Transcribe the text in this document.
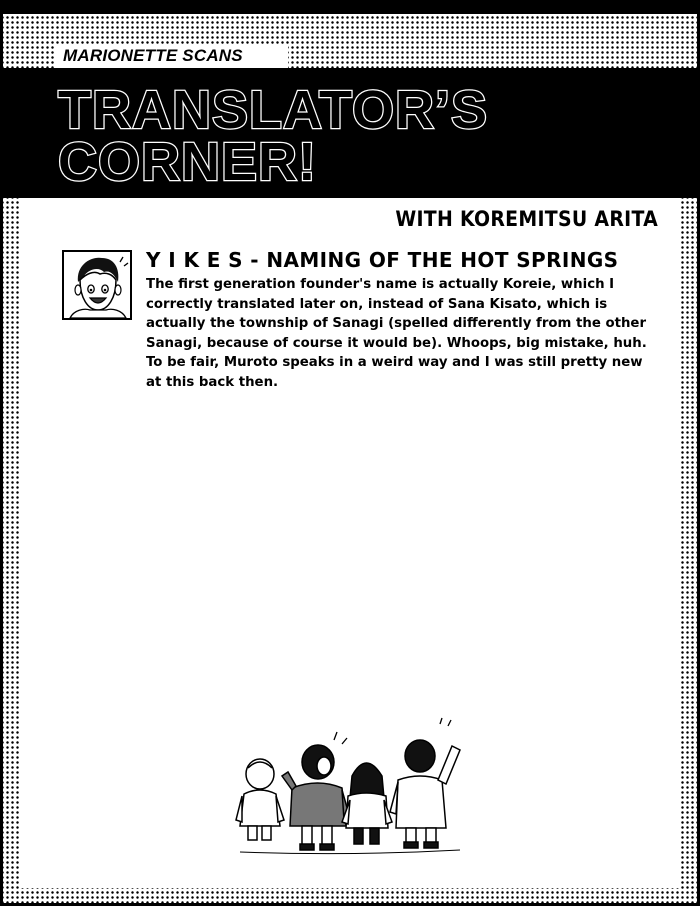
MARIONETTE SCANS
TRANSLATOR’S
CORNER!
WITH KOREMITSU ARITA
Y I K E S - NAMING OF THE HOT SPRINGS
The first generation founder's name is actually Koreie, which I correctly translated later on, instead of Sana Kisato, which is actually the township of Sanagi (spelled differently from the other Sanagi, because of course it would be). Whoops, big mistake, huh. To be fair, Muroto speaks in a weird way and I was still pretty new at this back then.
